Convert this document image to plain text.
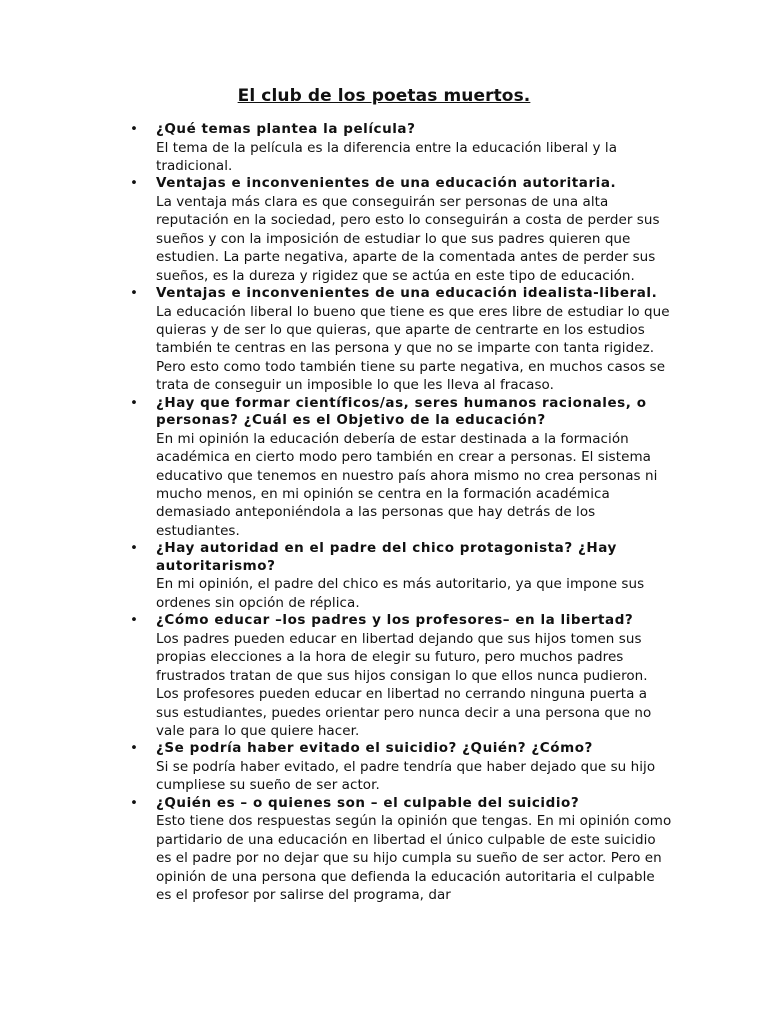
El club de los poetas muertos.
• ¿Qué temas plantea la película?

El tema de la película es la diferencia entre la educación liberal y la tradicional.

• Ventajas e inconvenientes de una educación autoritaria.

La ventaja más clara es que conseguirán ser personas de una alta reputación en la sociedad, pero esto lo conseguirán a costa de perder sus sueños y con la imposición de estudiar lo que sus padres quieren que estudien. La parte negativa, aparte de la comentada antes de perder sus sueños, es la dureza y rigidez que se actúa en este tipo de educación.

• Ventajas e inconvenientes de una educación idealista-liberal.

La educación liberal lo bueno que tiene es que eres libre de estudiar lo que quieras y de ser lo que quieras, que aparte de centrarte en los estudios también te centras en las persona y que no se imparte con tanta rigidez. Pero esto como todo también tiene su parte negativa, en muchos casos se trata de conseguir un imposible lo que les lleva al fracaso.

• ¿Hay que formar científicos/as, seres humanos racionales, o personas? ¿Cuál es el Objetivo de la educación?

En mi opinión la educación debería de estar destinada a la formación académica en cierto modo pero también en crear a personas. El sistema educativo que tenemos en nuestro país ahora mismo no crea personas ni mucho menos, en mi opinión se centra en la formación académica demasiado anteponiéndola a las personas que hay detrás de los estudiantes.

• ¿Hay autoridad en el padre del chico protagonista? ¿Hay autoritarismo?

En mi opinión, el padre del chico es más autoritario, ya que impone sus ordenes sin opción de réplica.

• ¿Cómo educar –los padres y los profesores– en la libertad?

Los padres pueden educar en libertad dejando que sus hijos tomen sus propias elecciones a la hora de elegir su futuro, pero muchos padres frustrados tratan de que sus hijos consigan lo que ellos nunca pudieron. Los profesores pueden educar en libertad no cerrando ninguna puerta a sus estudiantes, puedes orientar pero nunca decir a una persona que no vale para lo que quiere hacer.

• ¿Se podría haber evitado el suicidio? ¿Quién? ¿Cómo?

Si se podría haber evitado, el padre tendría que haber dejado que su hijo cumpliese su sueño de ser actor.

• ¿Quién es – o quienes son – el culpable del suicidio?

Esto tiene dos respuestas según la opinión que tengas. En mi opinión como partidario de una educación en libertad el único culpable de este suicidio es el padre por no dejar que su hijo cumpla su sueño de ser actor. Pero en opinión de una persona que defienda la educación autoritaria el culpable es el profesor por salirse del programa, dar
